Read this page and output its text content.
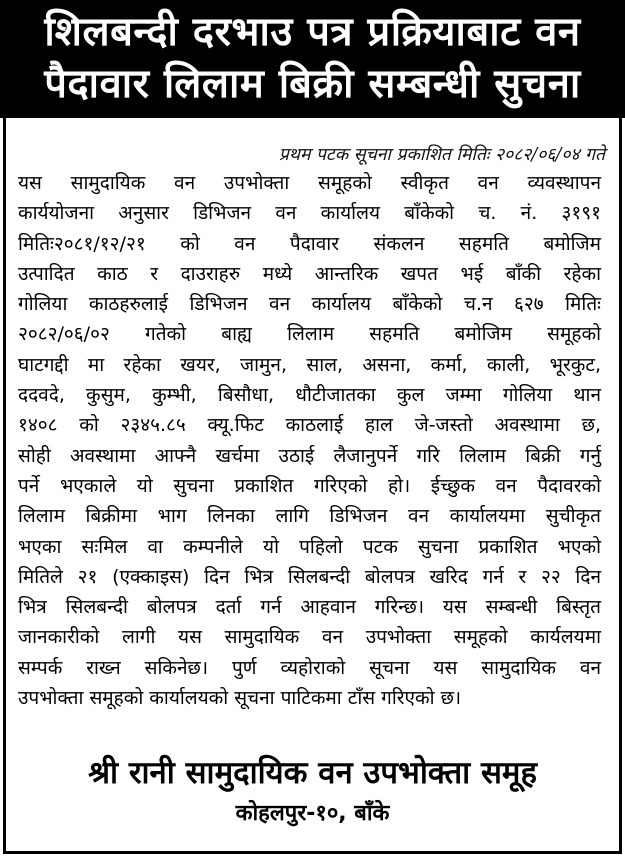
शिलबन्दी दरभाउ पत्र प्रक्रियाबाट वन
पैदावार लिलाम बिक्री सम्बन्धी सुचना
प्रथम पटक सूचना प्रकाशित मितिः २०८२/०६/०४ गते
यस सामुदायिक वन उपभोक्ता समूहको स्वीकृत वन व्यवस्थापन
कार्ययोजना अनुसार डिभिजन वन कार्यालय बाँकेको च. नं. ३१९१
मितिः२०८१/१२/२१ को वन पैदावार संकलन सहमति बमोजिम
उत्पादित काठ र दाउराहरु मध्ये आन्तरिक खपत भई बाँकी रहेका
गोलिया काठहरुलाई डिभिजन वन कार्यालय बाँकेको च.न ६२७ मितिः
२०८२/०६/०२ गतेको बाह्य लिलाम सहमति बमोजिम समूहको
घाटगद्दी मा रहेका खयर, जामुन, साल, असना, कर्मा, काली, भूरकुट,
ददवदे, कुसुम, कुम्भी, बिसौधा, धौटीजातका कुल जम्मा गोलिया थान
१४०८ को २३४५.८५ क्यू.फिट काठलाई हाल जे-जस्तो अवस्थामा छ,
सोही अवस्थामा आफ्नै खर्चमा उठाई लैजानुपर्ने गरि लिलाम बिक्री गर्नु
पर्ने भएकाले यो सुचना प्रकाशित गरिएको हो। ईच्छुक वन पैदावरको
लिलाम बिक्रीमा भाग लिनका लागि डिभिजन वन कार्यालयमा सुचीकृत
भएका सःमिल वा कम्पनीले यो पहिलो पटक सुचना प्रकाशित भएको
मितिले २१ (एक्काइस) दिन भित्र सिलबन्दी बोलपत्र खरिद गर्न र २२ दिन
भित्र सिलबन्दी बोलपत्र दर्ता गर्न आहवान गरिन्छ। यस सम्बन्धी बिस्तृत
जानकारीको लागी यस सामुदायिक वन उपभोक्ता समूहको कार्यलयमा
सम्पर्क राख्न सकिनेछ। पुर्ण व्यहोराको सूचना यस सामुदायिक वन
उपभोक्ता समूहको कार्यालयको सूचना पाटिकमा टाँस गरिएको छ।
श्री रानी सामुदायिक वन उपभोक्ता समूह
कोहलपुर-१०, बाँके
